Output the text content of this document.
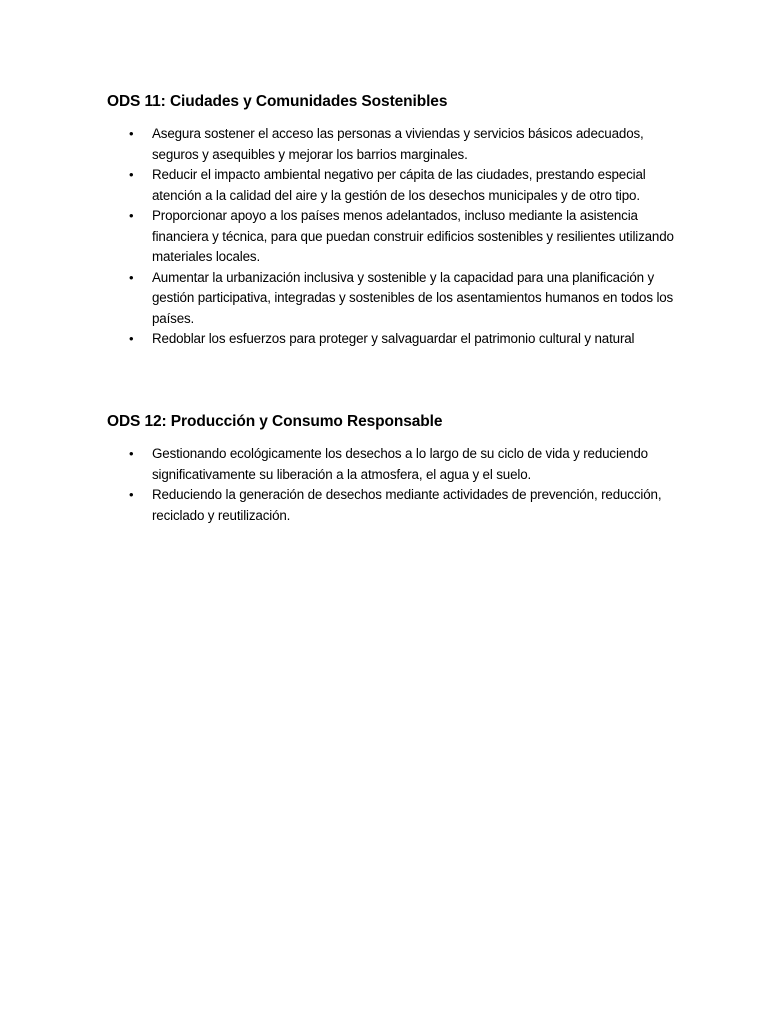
ODS 11: Ciudades y Comunidades Sostenibles
• Asegura sostener el acceso las personas a viviendas y servicios básicos adecuados, seguros y asequibles y mejorar los barrios marginales.
• Reducir el impacto ambiental negativo per cápita de las ciudades, prestando especial atención a la calidad del aire y la gestión de los desechos municipales y de otro tipo.
• Proporcionar apoyo a los países menos adelantados, incluso mediante la asistencia financiera y técnica, para que puedan construir edificios sostenibles y resilientes utilizando materiales locales.
• Aumentar la urbanización inclusiva y sostenible y la capacidad para una planificación y gestión participativa, integradas y sostenibles de los asentamientos humanos en todos los países.
• Redoblar los esfuerzos para proteger y salvaguardar el patrimonio cultural y natural
ODS 12: Producción y Consumo Responsable
• Gestionando ecológicamente los desechos a lo largo de su ciclo de vida y reduciendo significativamente su liberación a la atmosfera, el agua y el suelo.
• Reduciendo la generación de desechos mediante actividades de prevención, reducción, reciclado y reutilización.
